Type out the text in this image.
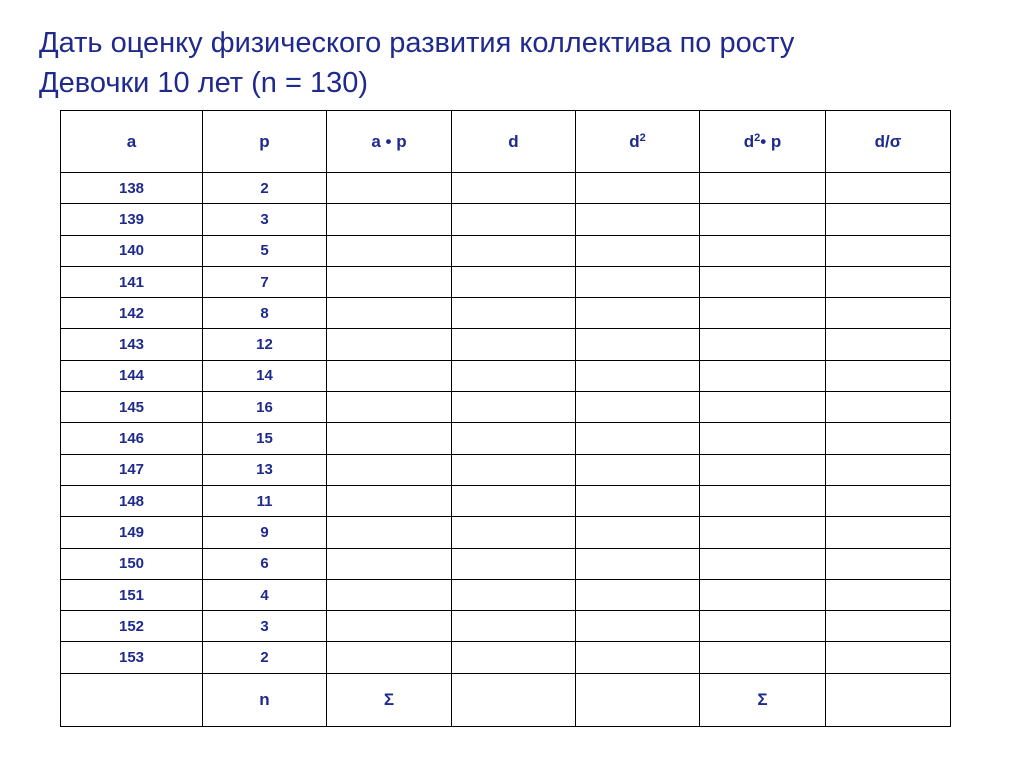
Дать оценку физического развития коллектива по росту
Девочки 10 лет (n = 130)
a	p	a • p	d	$d^2$	$d^2•$ p	d/σ
138	2					
139	3					
140	5					
141	7					
142	8					
143	12					
144	14					
145	16					
146	15					
147	13					
148	11					
149	9					
150	6					
151	4					
152	3					
153	2					
	n	Σ			Σ	
